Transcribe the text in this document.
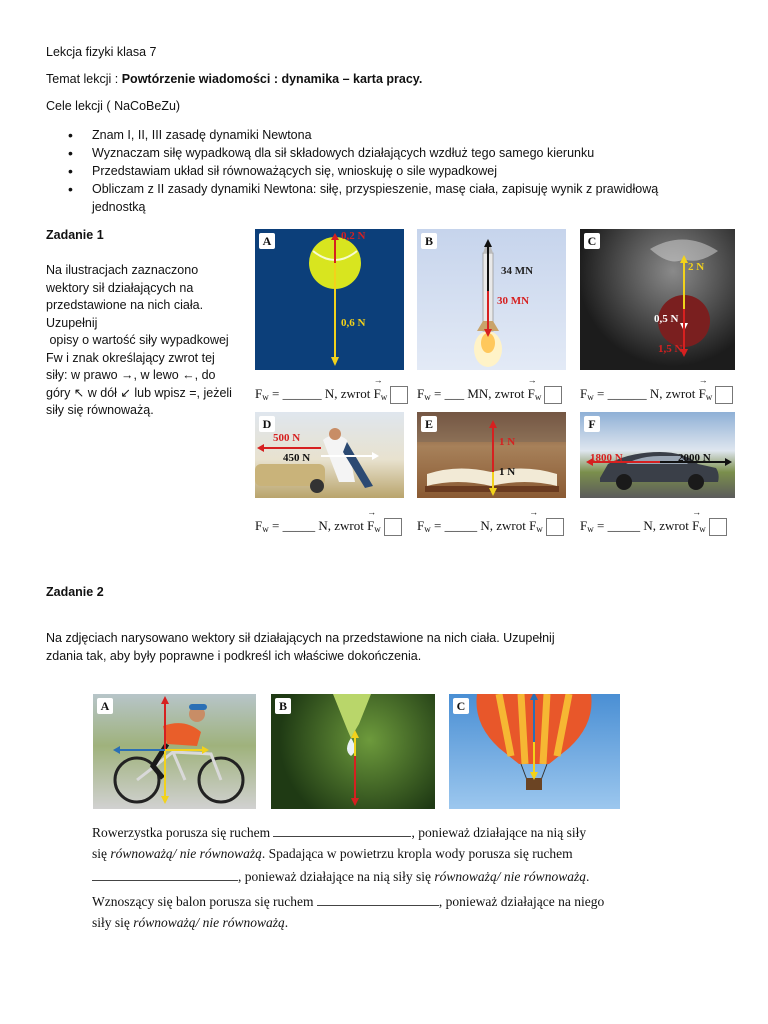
Lekcja fizyki klasa 7
Temat lekcji : Powtórzenie wiadomości : dynamika – karta pracy.
Cele lekcji ( NaCoBeZu)
• Znam I, II, III zasadę dynamiki Newtona
• Wyznaczam siłę wypadkową dla sił składowych działających wzdłuż tego samego kierunku
• Przedstawiam układ sił równoważących się, wnioskuję o sile wypadkowej
• Obliczam z II zasady dynamiki Newtona: siłę, przyspieszenie, masę ciała, zapisuję wynik z prawidłową
jednostką
Zadanie 1
Na ilustracjach zaznaczono
wektory sił działających na
przedstawione na nich ciała.
Uzupełnij
opisy o wartość siły wypadkowej
Fw i znak określający zwrot tej
siły: w prawo →, w lewo ←, do
góry ↖ w dół ↙ lub wpisz =, jeżeli
siły się równoważą.
A	0,2 N
0,6 N
B
34 MN
30 MN
C
2 N
0,5 N
1,5 N
$F_w$ = ______ N, zwrot → $F_w$	$F_w$ = ___ MN, zwrot → $F_w$	$F_w$ = ______ N, zwrot → $F_w$
D
500 N
450 N
E
1 N
1 N
F
1800 N	2000 N
$F_w$ = _____ N, zwrot → $F_w$	$F_w$ = _____ N, zwrot → $F_w$	$F_w$ = _____ N, zwrot → $F_w$
Zadanie 2
Na zdjęciach narysowano wektory sił działających na przedstawione na nich ciała. Uzupełnij
zdania tak, aby były poprawne i podkreśl ich właściwe dokończenia.
A	B	C
Rowerzystka porusza się ruchem	, ponieważ działające na nią siły
się równoważą/ nie równoważą. Spadająca w powietrzu kropla wody porusza się ruchem
, ponieważ działające na nią siły się równoważą/ nie równoważą.
Wznoszący się balon porusza się ruchem	, ponieważ działające na niego
siły się równoważą/ nie równoważą.
